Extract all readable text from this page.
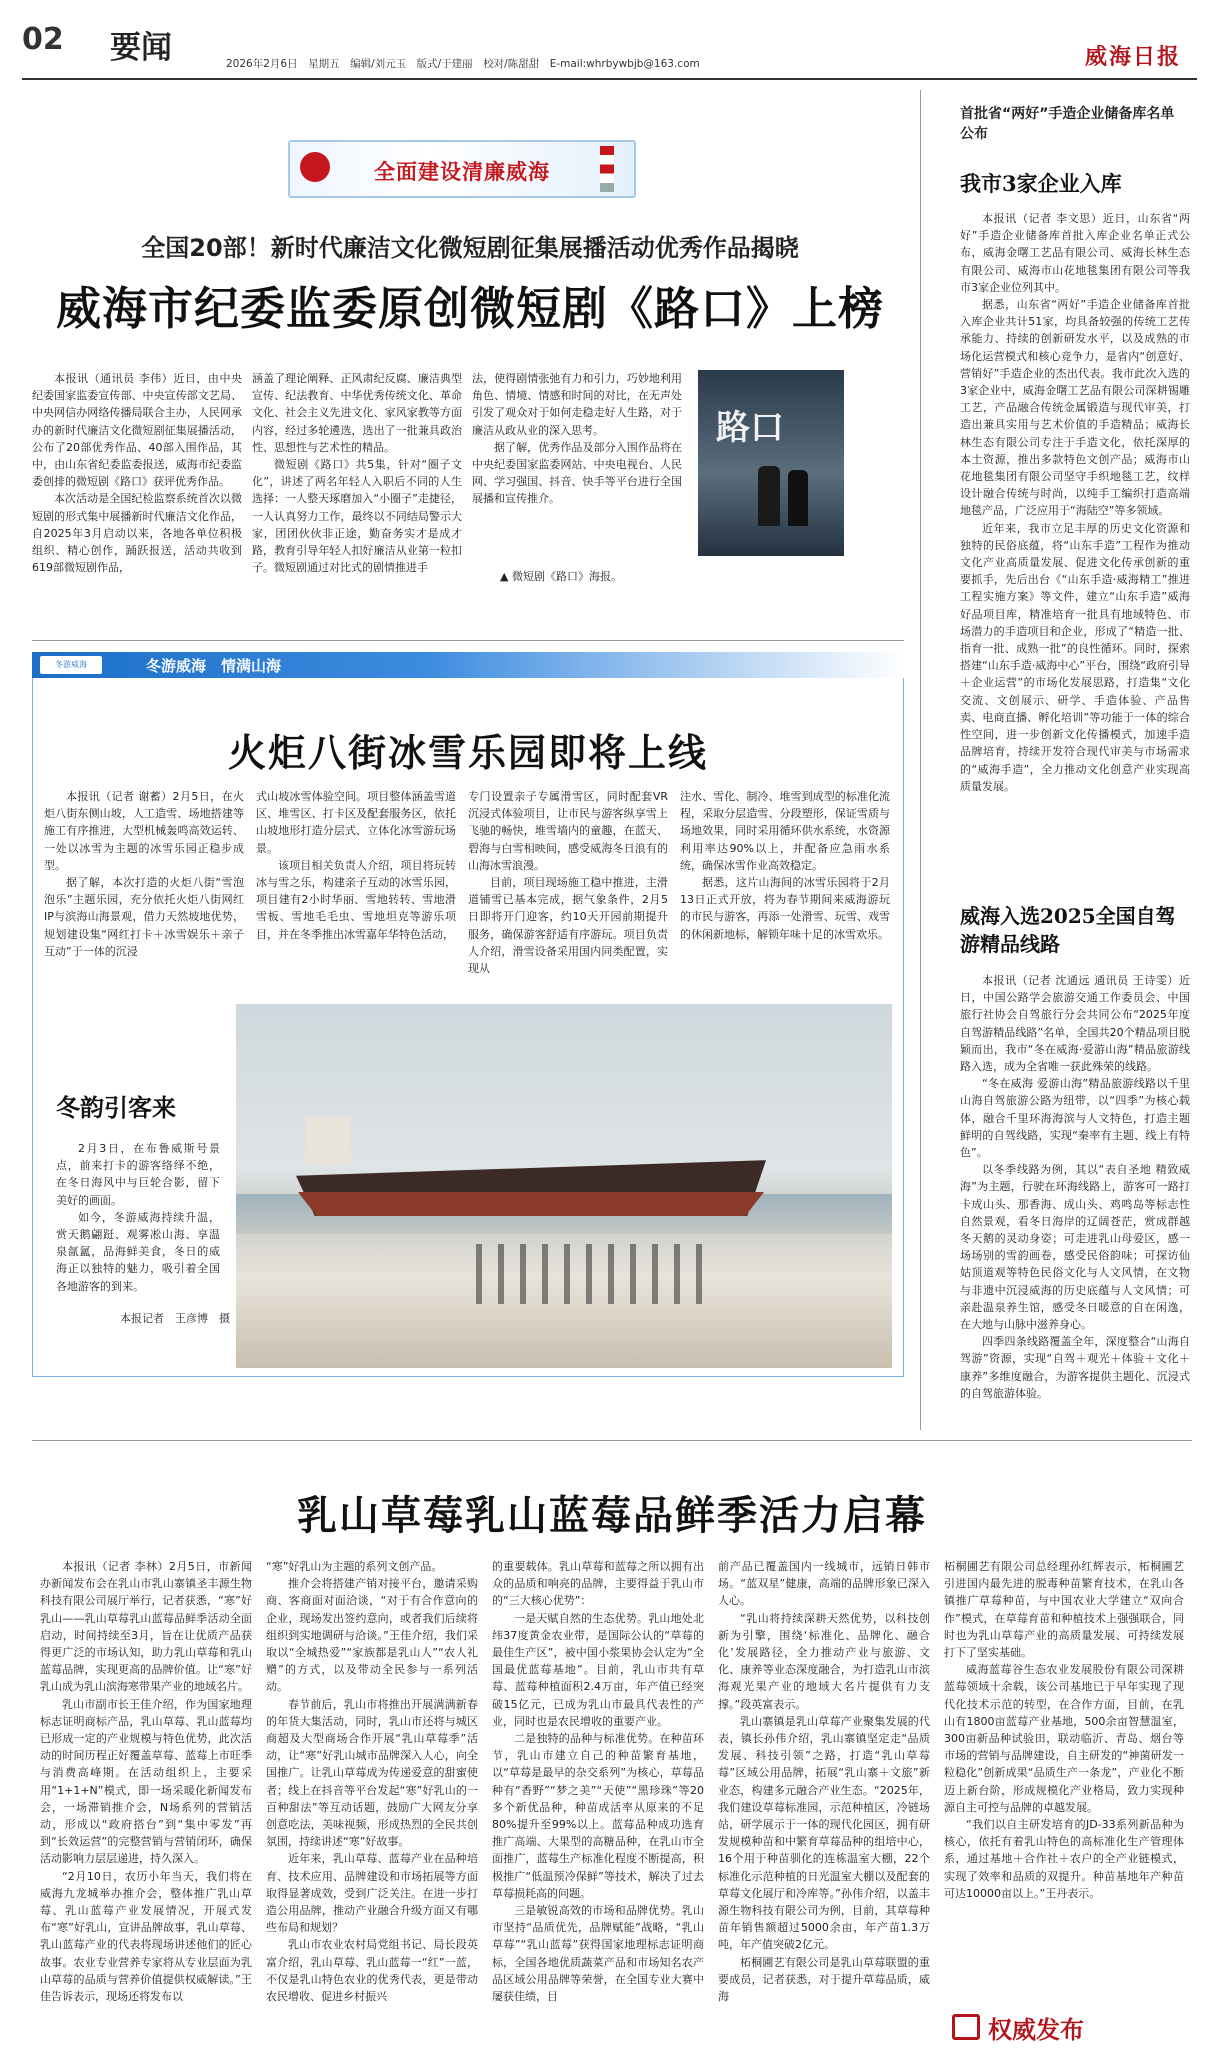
02 要闻	2026年2月6日　星期五　编辑/刘元玉　版式/于建丽　校对/陈甜甜　E-mail:whrbywbjb@163.com	威海日报
全面建设清廉威海
全国20部！新时代廉洁文化微短剧征集展播活动优秀作品揭晓
威海市纪委监委原创微短剧《路口》上榜

本报讯（通讯员 李伟）近日，由中央纪委国家监委宣传部、中央宣传部文艺局、中央网信办网络传播局联合主办，人民网承办的新时代廉洁文化微短剧征集展播活动，公布了20部优秀作品、40部入围作品，其中，由山东省纪委监委报送，威海市纪委监委创排的微短剧《路口》获评优秀作品。

本次活动是全国纪检监察系统首次以微短剧的形式集中展播新时代廉洁文化作品，自2025年3月启动以来，各地各单位积极组织、精心创作，踊跃报送，活动共收到619部微短剧作品，

涵盖了理论阐释、正风肃纪反腐、廉洁典型宣传、纪法教育、中华优秀传统文化、革命文化、社会主义先进文化、家风家教等方面内容，经过多轮遴选，选出了一批兼具政治性、思想性与艺术性的精品。

微短剧《路口》共5集，针对“圈子文化”，讲述了两名年轻人入职后不同的人生选择：一人整天琢磨加入“小圈子”走捷径，一人认真努力工作，最终以不同结局警示大家，团团伙伙非正途，勤奋务实才是成才路，教育引导年轻人扣好廉洁从业第一粒扣子。微短剧通过对比式的剧情推进手

法，使得剧情张弛有力和引力，巧妙地利用角色、情境、情感和时间的对比，在无声处引发了观众对于如何走稳走好人生路，对于廉洁从政从业的深入思考。

据了解，优秀作品及部分入围作品将在中央纪委国家监委网站、中央电视台、人民网、学习强国、抖音、快手等平台进行全国展播和宣传推介。

路口
▲ 微短剧《路口》海报。
冬游威海　情满山海
冬游威海
火炬八街冰雪乐园即将上线

本报讯（记者 谢蓄）2月5日，在火炬八街东侧山坡，人工造雪、场地搭建等施工有序推进，大型机械轰鸣高效运转、一处以冰雪为主题的冰雪乐园正稳步成型。

据了解，本次打造的火炬八街“雪泡泡乐”主题乐园，充分依托火炬八街网红IP与滨海山海景观，借力天然坡地优势，规划建设集“网红打卡＋冰雪娱乐＋亲子互动”于一体的沉浸

式山坡冰雪体验空间。项目整体涵盖雪道区、堆雪区、打卡区及配套服务区，依托山坡地形打造分层式、立体化冰雪游玩场景。

该项目相关负责人介绍，项目将玩转冰与雪之乐，构建亲子互动的冰雪乐园，项目建有2小时华丽、雪地转转、雪地滑雪板、雪地毛毛虫、雪地坦克等游乐项目，并在冬季推出冰雪嘉年华特色活动，

专门设置亲子专属滑雪区，同时配套VR沉浸式体验项目，让市民与游客纵享雪上飞驰的畅快，堆雪墙内的童趣，在蓝天、碧海与白雪相映间，感受威海冬日浪有的山海冰雪浪漫。

目前，项目现场施工稳中推进，主滑道铺雪已基本完成，据气象条件，2月5日即将开门迎客，约10天开园前期提升服务，确保游客舒适有序游玩。项目负责人介绍，滑雪设备采用国内同类配置，实现从

注水、雪化、制冷、堆雪到成型的标准化流程，采取分层造雪、分段塑形，保证雪质与场地效果，同时采用循环供水系统，水资源利用率达90%以上，并配备应急雨水系统，确保冰雪作业高效稳定。

据悉，这片山海间的冰雪乐园将于2月13日正式开放，将为春节期间来威海游玩的市民与游客，再添一处滑雪、玩雪、戏雪的休闲新地标，解锁年味十足的冰雪欢乐。

冬韵引客来

2月3日，在布鲁威斯号景点，前来打卡的游客络绎不绝，在冬日海风中与巨轮合影，留下美好的画面。

如今，冬游威海持续升温，赏天鹅翩跹、观雾凇山海、享温泉氤氲，品海鲜美食，冬日的威海正以独特的魅力，吸引着全国各地游客的到来。

本报记者　王彦博　摄
首批省“两好”手造企业储备库名单公布
我市3家企业入库

本报讯（记者 李文思）近日，山东省“两好”手造企业储备库首批入库企业名单正式公布，威海金曙工艺品有限公司、威海长林生态有限公司、威海市山花地毯集团有限公司等我市3家企业位列其中。

据悉，山东省“两好”手造企业储备库首批入库企业共计51家，均具备较强的传统工艺传承能力、持续的创新研发水平，以及成熟的市场化运营模式和核心竞争力，是省内“创意好、营销好”手造企业的杰出代表。我市此次入选的3家企业中，威海金曙工艺品有限公司深耕锡雕工艺，产品融合传统金属锻造与现代审美，打造出兼具实用与艺术价值的手造精品；威海长林生态有限公司专注于手造文化，依托深厚的本土资源，推出多款特色文创产品；威海市山花地毯集团有限公司坚守手织地毯工艺，纹样设计融合传统与时尚，以纯手工编织打造高端地毯产品，广泛应用于“海陆空”等多领域。

近年来，我市立足丰厚的历史文化资源和独特的民俗底蕴，将“山东手造”工程作为推动文化产业高质量发展、促进文化传承创新的重要抓手，先后出台《“山东手造·威海精工”推进工程实施方案》等文件，建立“山东手造”威海好品项目库，精准培育一批具有地域特色、市场潜力的手造项目和企业，形成了“精造一批、指育一批、成熟一批”的良性循环。同时，探索搭建“山东手造·威海中心”平台，围绕“政府引导＋企业运营”的市场化发展思路，打造集“文化交流、文创展示、研学、手造体验、产品售卖、电商直播、孵化培训”等功能于一体的综合性空间，进一步创新文化传播模式，加速手造品牌培育，持续开发符合现代审美与市场需求的“威海手造”，全力推动文化创意产业实现高质量发展。

威海入选2025全国自驾游精品线路

本报讯（记者 沈通远 通讯员 王诗雯）近日，中国公路学会旅游交通工作委员会、中国旅行社协会自驾旅行分会共同公布“2025年度自驾游精品线路”名单，全国共20个精品项目脱颖而出，我市“冬在威海·爱游山海”精品旅游线路入选，成为全省唯一获此殊荣的线路。

“冬在威海 爱游山海”精品旅游线路以千里山海自驾旅游公路为纽带，以“四季”为核心载体，融合千里环海海滨与人文特色，打造主题鲜明的自驾线路，实现“秦率有主题、线上有特色”。

以冬季线路为例，其以“表自圣地 精致威海”为主题，行驶在环海线路上，游客可一路打卡成山头、那香海、成山头、鸡鸣岛等标志性自然景观，看冬日海岸的辽阔苍茫，赏成群越冬天鹅的灵动身姿；可走进乳山母爱区，感一场场别的雪韵画卷，感受民俗韵味；可探访仙姑顶道观等特色民俗文化与人文风情，在文物与非遗中沉浸威海的历史底蕴与人文风情；可亲赴温泉养生馆，感受冬日暖意的自在闲逸，在大地与山脉中滋养身心。

四季四条线路覆盖全年，深度整合“山海自驾游”资源，实现“自驾＋观光＋体验＋文化＋康养”多维度融合，为游客提供主题化、沉浸式的自驾旅游体验。

乳山草莓乳山蓝莓品鲜季活力启幕

本报讯（记者 李林）2月5日，市新闻办新闻发布会在乳山市乳山寨镇圣丰源生物科技有限公司展厅举行，记者获悉，“寒”好乳山——乳山草莓乳山蓝莓品鲜季活动全面启动，时间持续至3月，旨在让优质产品获得更广泛的市场认知，助力乳山草莓和乳山蓝莓品牌，实现更高的品牌价值。让“寒”好乳山成为乳山滨海寒带果产业的地域名片。

乳山市副市长王佳介绍，作为国家地理标志证明商标产品，乳山草莓、乳山蓝莓均已形成一定的产业规模与特色优势，此次活动的时间历程正好覆盖草莓、蓝莓上市旺季与消费高峰期。在活动组织上，主要采用“1+1+N”模式，即一场采暖化新闻发布会，一场滞销推介会，N场系列的营销活动，形成以“政府搭台”到“集中零发”再到“长效运营”的完整营销与营销闭环，确保活动影响力层层递进，持久深入。

“2月10日，农历小年当天，我们将在威海九龙城举办推介会，整体推广乳山草莓、乳山蓝莓产业发展情况，开展式发布“寒”好乳山，宣讲品牌故事，乳山草莓、乳山蓝莓产业的代表将现场讲述他们的匠心故事。农业专业营养专家将从专业层面为乳山草莓的品质与营养价值提供权威解读。”王佳告诉表示，现场还将发布以

“寒”好乳山为主题的系列文创产品。

推介会将搭建产销对接平台，邀请采购商、客商面对面洽谈，“对于有合作意向的企业，现场发出签约意向，或者我们后续将组织到实地调研与洽谈。”王佳介绍，我们采取以“全城热爱”“家族都是乳山人”“农人礼赠”的方式，以及带动全民参与一系列活动。

春节前后，乳山市将推出开展满满新春的年货大集活动，同时，乳山市还将与城区商超及大型商场合作开展“乳山草莓季”活动，让“寒”好乳山城市品牌深入人心，向全国推广。让乳山草莓成为传递爱意的甜蜜使者；线上在抖音等平台发起“寒”好乳山的一百种甜法”等互动话题，鼓励广大网友分享创意吃法，美味视频，形成热烈的全民共创氛围，持续讲述“寒”好故事。

近年来，乳山草莓、蓝莓产业在品种培育、技术应用、品牌建设和市场拓展等方面取得显著成效，受到广泛关注。在进一步打造公用品牌，推动产业融合升级方面又有哪些布局和规划？

乳山市农业农村局党组书记、局长段英富介绍，乳山草莓、乳山蓝莓一“红”一蓝，不仅是乳山特色农业的优秀代表，更是带动农民增收、促进乡村振兴

的重要载体。乳山草莓和蓝莓之所以拥有出众的品质和响亮的品牌，主要得益于乳山市的“三大核心优势”：

一是天赋自然的生态优势。乳山地处北纬37度黄金农业带，是国际公认的“草莓的最佳生产区”，被中国小浆果协会认定为“全国最优蓝莓基地”。目前，乳山市共有草莓、蓝莓种植面积2.4万亩，年产值已经突破15亿元，已成为乳山市最具代表性的产业，同时也是农民增收的重要产业。

二是独特的品种与标准优势。在种苗环节，乳山市建立自己的种苗繁育基地，以“草莓是最早的杂交系列”为核心，草莓品种有“香野”“梦之美”“天使”“黑珍珠”等20多个新优品种，种苗成活率从原来的不足80%提升至99%以上。蓝莓品种成功选育推广高端、大果型的高糖品种，在乳山市全面推广，蓝莓生产标准化程度不断提高，积极推广“低温预冷保鲜”等技术，解决了过去草莓损耗高的问题。

三是敏锐高效的市场和品牌优势。乳山市坚持“品质优先，品牌赋能”战略，“乳山草莓”“乳山蓝莓”获得国家地理标志证明商标，全国各地优质蔬菜产品和市场知名农产品区域公用品牌等荣誉，在全国专业大赛中屡获佳绩，目

前产品已覆盖国内一线城市，远销日韩市场。“蓝双星”健康，高端的品牌形象已深入人心。

“乳山将持续深耕天然优势，以科技创新为引擎，围绕‘标准化、品牌化、融合化’发展路径，全力推动产业与旅游、文化、康养等业态深度融合，为打造乳山市滨海观光果产业的地域大名片提供有力支撑。”段英富表示。

乳山寨镇是乳山草莓产业聚集发展的代表，镇长孙伟介绍，乳山寨镇坚定走“品质发展、科技引领”之路，打造“乳山草莓莓”区域公用品牌，拓展“乳山寨＋文旅”新业态，构建多元融合产业生态。“2025年，我们建设草莓标准园，示范种植区，冷链场站，研学展示于一体的现代化园区，拥有研发规模种苗和中繁育草莓品种的组培中心，16个用于种苗驯化的连栋温室大棚，22个标准化示范种植的日光温室大棚以及配套的草莓文化展厅和冷库等。”孙伟介绍，以盖丰源生物科技有限公司为例，目前，其草莓种苗年销售额超过5000余亩，年产苗1.3万吨，年产值突破2亿元。

柘桐圃艺有限公司是乳山草莓联盟的重要成员，记者获悉，对于提升草莓品质，威海

柘桐圃艺有限公司总经理孙红辉表示，柘桐圃艺引进国内最先进的脱毒种苗繁育技术，在乳山各镇推广草莓种苗，与中国农业大学建立“双向合作”模式，在草莓育苗和种植技术上强强联合，同时也为乳山草莓产业的高质量发展、可持续发展打下了坚实基础。

威海蓝莓谷生态农业发展股份有限公司深耕蓝莓领域十余载，该公司基地已于早年实现了现代化技术示范的转型，在合作方面，目前，在乳山有1800亩蓝莓产业基地，500余亩智慧温室，300亩新品种试验田，联动临沂、青岛、烟台等市场的营销与品牌建设，自主研发的“神菌研发一粒稳化”创新成果“品质生产一条龙”，产业化不断迈上新台阶，形成规模化产业格局，致力实现种源自主可控与品牌的卓越发展。

“我们以自主研发培育的JD-33系列新品种为核心，依托有着乳山特色的高标准化生产管理体系，通过基地＋合作社＋农户的全产业链模式，实现了效率和品质的双提升。种苗基地年产种苗可达10000亩以上。”王丹表示。

权威发布
